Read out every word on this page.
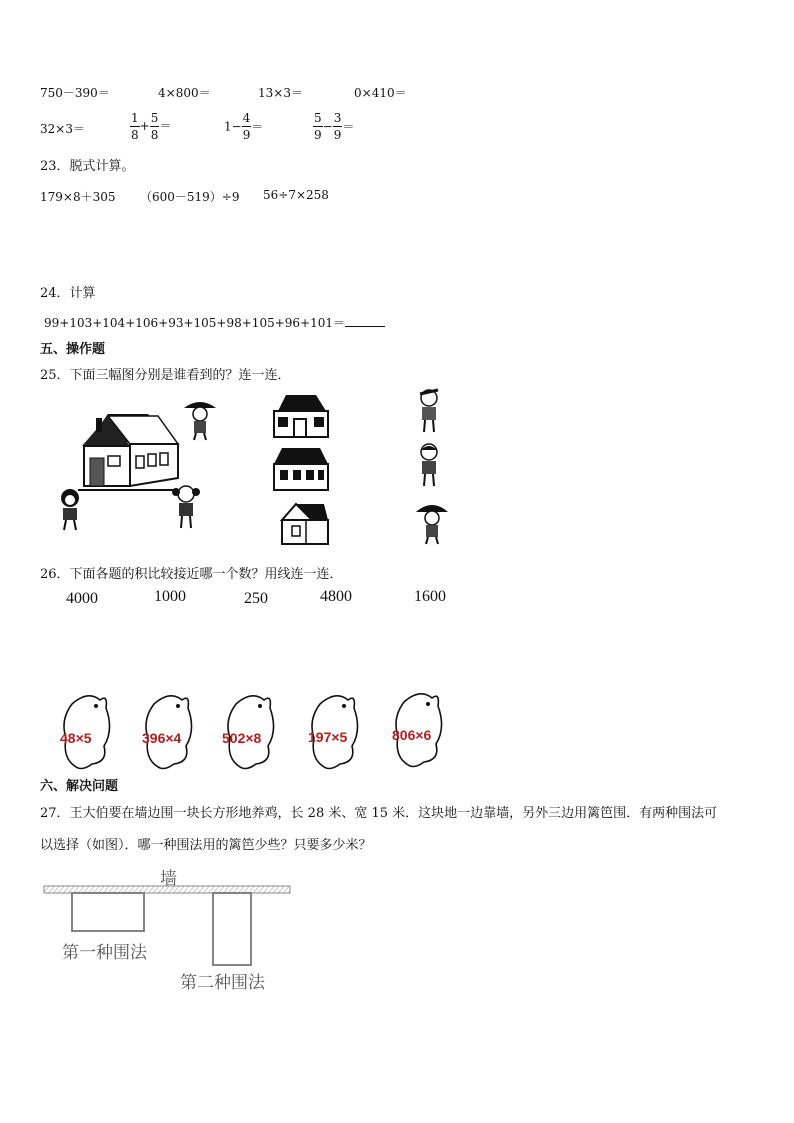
750－390＝	4×800＝	13×3＝	0×410＝
32×3＝	$\frac{1}{8} + \frac{5}{8}$ ＝	$1- \frac{4}{9}$ ＝	$\frac{5}{9} - \frac{3}{9}$ ＝
23．脱式计算。
179×8＋305 （600－519）÷9 56÷7×258
24．计算
99+103+104+106+93+105+98+105+96+101＝
五、操作题
25．下面三幅图分别是谁看到的？连一连．
26．下面各题的积比较接近哪一个数？用线连一连．
4000	1000	250	4800	1600
48×5	396×4	502×8	197×5	806×6
六、解决问题
27．王大伯要在墙边围一块长方形地养鸡，长 28 米、宽 15 米．这块地一边靠墙，另外三边用篱笆围．有两种围法可
以选择（如图）．哪一种围法用的篱笆少些？只要多少米？
墙
第一种围法
第二种围法
